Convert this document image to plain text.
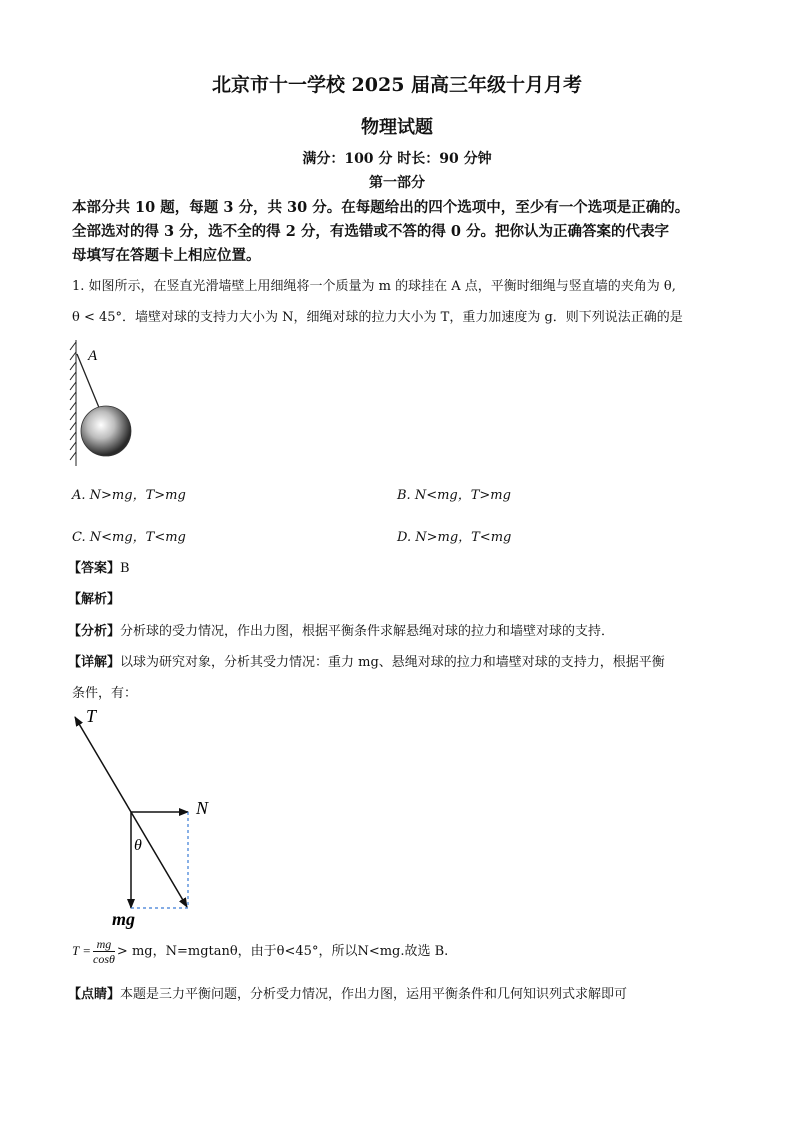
北京市十一学校 2025 届高三年级十月月考
物理试题
满分：100 分 时长：90 分钟
第一部分
本部分共 10 题，每题 3 分，共 30 分。在每题给出的四个选项中，至少有一个选项是正确的。
全部选对的得 3 分，选不全的得 2 分，有选错或不答的得 0 分。把你认为正确答案的代表字
母填写在答题卡上相应位置。
1. 如图所示，在竖直光滑墙壁上用细绳将一个质量为 m 的球挂在 A 点，平衡时细绳与竖直墙的夹角为 θ,
θ < 45°．墙壁对球的支持力大小为 N，细绳对球的拉力大小为 T，重力加速度为 g．则下列说法正确的是
A
A. N>mg，T>mg	B. N<mg，T>mg
C. N<mg，T<mg	D. N>mg，T<mg
【答案】B
【解析】
【分析】分析球的受力情况，作出力图，根据平衡条件求解悬绳对球的拉力和墙壁对球的支持．
【详解】以球为研究对象，分析其受力情况：重力 mg、悬绳对球的拉力和墙壁对球的支持力，根据平衡
条件，有：
T
N
θ
mg
$T = \frac{mg}{\cos\theta}$ > mg，N=mgtanθ，由于θ<45°，所以N<mg.故选 B.
【点睛】本题是三力平衡问题，分析受力情况，作出力图，运用平衡条件和几何知识列式求解即可
